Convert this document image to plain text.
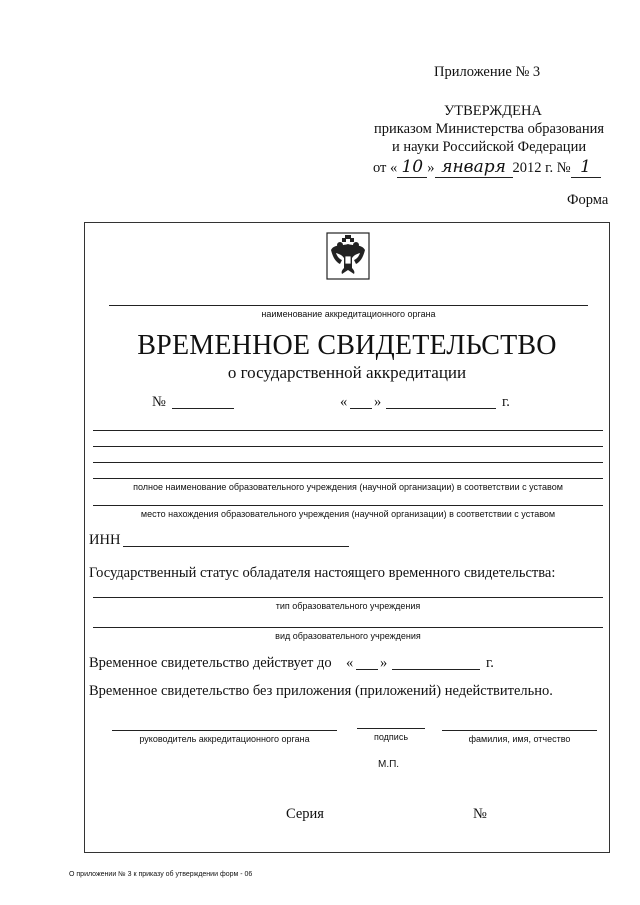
Приложение № 3
УТВЕРЖДЕНА
приказом Министерства образования
и науки Российской Федерации
от « 10 » января 2012 г. № 1
Форма
наименование аккредитационного органа
ВРЕМЕННОЕ СВИДЕТЕЛЬСТВО
о государственной аккредитации
№	« »	г.
полное наименование образовательного учреждения (научной организации) в соответствии с уставом
место нахождения образовательного учреждения (научной организации) в соответствии с уставом
ИНН
Государственный статус обладателя настоящего временного свидетельства:
тип образовательного учреждения
вид образовательного учреждения
Временное свидетельство действует до « »	г.
Временное свидетельство без приложения (приложений) недействительно.
руководитель аккредитационного органа	подпись	фамилия, имя, отчество
М.П.
Серия	№
О приложении № 3 к приказу об утверждении форм - 06
